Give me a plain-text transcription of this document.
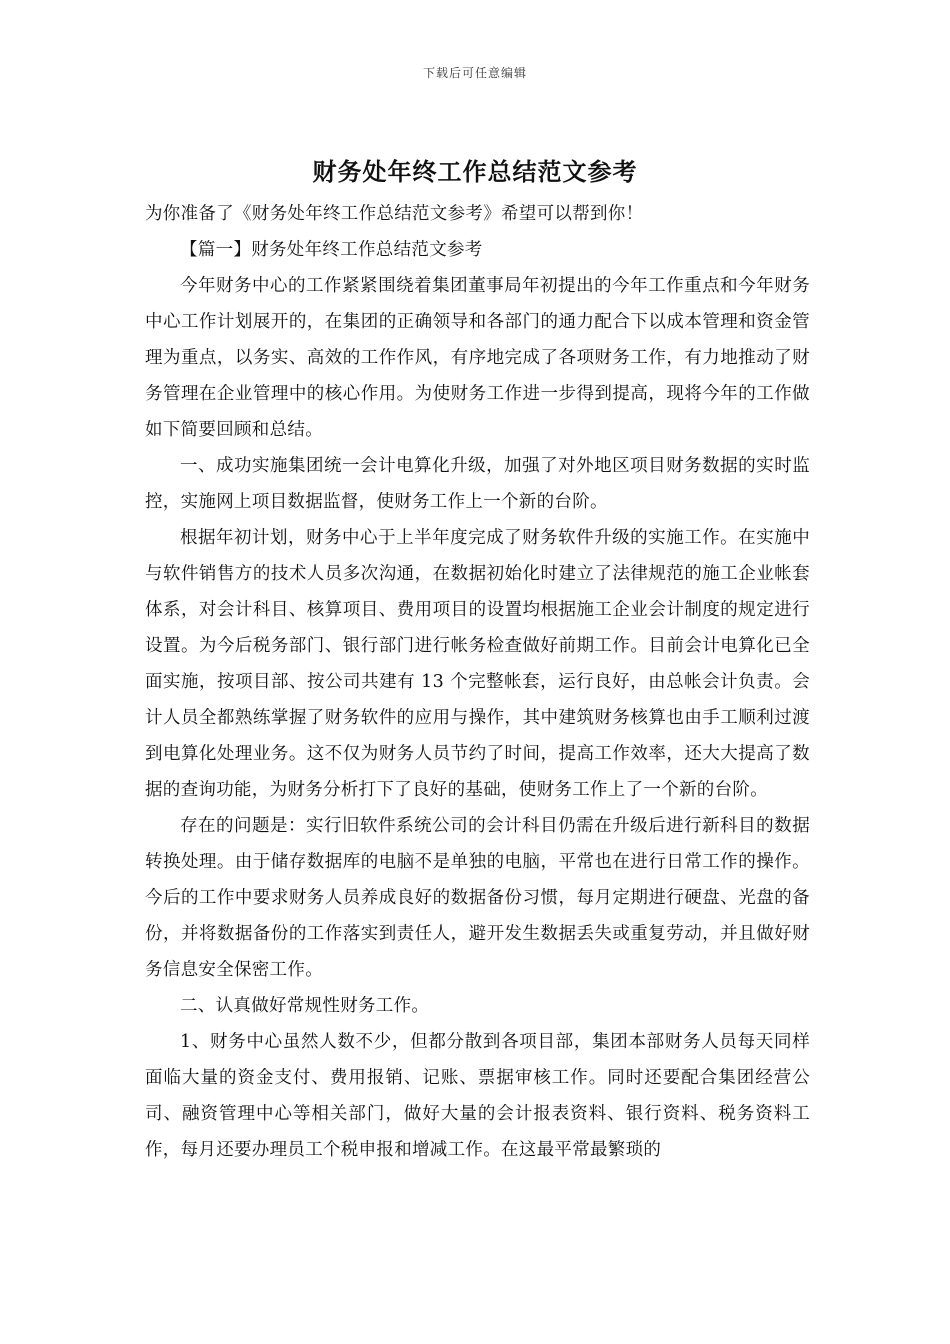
下载后可任意编辑
财务处年终工作总结范文参考

为你准备了《财务处年终工作总结范文参考》希望可以帮到你！

【篇一】财务处年终工作总结范文参考

今年财务中心的工作紧紧围绕着集团董事局年初提出的今年工作重点和今年财务中心工作计划展开的，在集团的正确领导和各部门的通力配合下以成本管理和资金管理为重点，以务实、高效的工作作风，有序地完成了各项财务工作，有力地推动了财务管理在企业管理中的核心作用。为使财务工作进一步得到提高，现将今年的工作做如下简要回顾和总结。

一、成功实施集团统一会计电算化升级，加强了对外地区项目财务数据的实时监控，实施网上项目数据监督，使财务工作上一个新的台阶。

根据年初计划，财务中心于上半年度完成了财务软件升级的实施工作。在实施中与软件销售方的技术人员多次沟通，在数据初始化时建立了法律规范的施工企业帐套体系，对会计科目、核算项目、费用项目的设置均根据施工企业会计制度的规定进行设置。为今后税务部门、银行部门进行帐务检查做好前期工作。目前会计电算化已全面实施，按项目部、按公司共建有 13 个完整帐套，运行良好，由总帐会计负责。会计人员全都熟练掌握了财务软件的应用与操作，其中建筑财务核算也由手工顺利过渡到电算化处理业务。这不仅为财务人员节约了时间，提高工作效率，还大大提高了数据的查询功能，为财务分析打下了良好的基础，使财务工作上了一个新的台阶。

存在的问题是：实行旧软件系统公司的会计科目仍需在升级后进行新科目的数据转换处理。由于储存数据库的电脑不是单独的电脑，平常也在进行日常工作的操作。今后的工作中要求财务人员养成良好的数据备份习惯，每月定期进行硬盘、光盘的备份，并将数据备份的工作落实到责任人，避开发生数据丢失或重复劳动，并且做好财务信息安全保密工作。

二、认真做好常规性财务工作。

1、财务中心虽然人数不少，但都分散到各项目部，集团本部财务人员每天同样面临大量的资金支付、费用报销、记账、票据审核工作。同时还要配合集团经营公司、融资管理中心等相关部门，做好大量的会计报表资料、银行资料、税务资料工作，每月还要办理员工个税申报和增减工作。在这最平常最繁琐的
